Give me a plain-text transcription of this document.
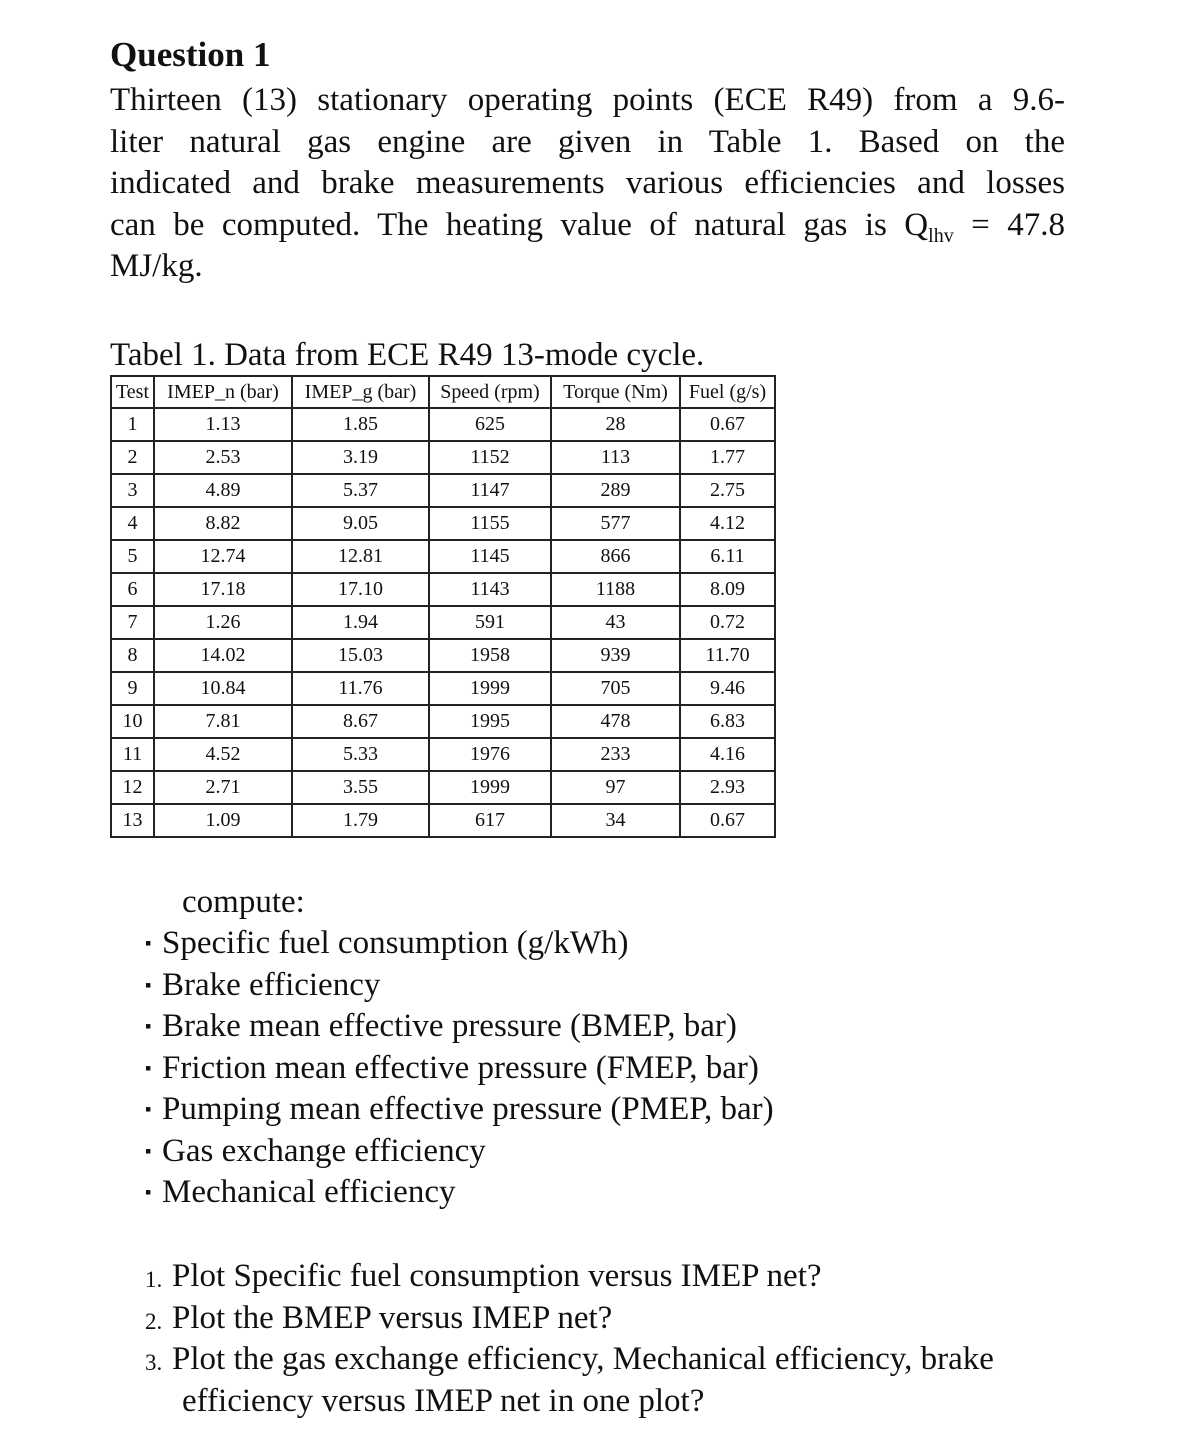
Question 1
Thirteen (13) stationary operating points (ECE R49) from a 9.6-
liter natural gas engine are given in Table 1. Based on the
indicated and brake measurements various efficiencies and losses
can be computed. The heating value of natural gas is $Q_{lhv} = 47.8$
MJ/kg.
Tabel 1. Data from ECE R49 13-mode cycle.
Test	IMEP_n (bar)	IMEP_g (bar)	Speed (rpm)	Torque (Nm)	Fuel (g/s)
1	1.13	1.85	625	28	0.67
2	2.53	3.19	1152	113	1.77
3	4.89	5.37	1147	289	2.75
4	8.82	9.05	1155	577	4.12
5	12.74	12.81	1145	866	6.11
6	17.18	17.10	1143	1188	8.09
7	1.26	1.94	591	43	0.72
8	14.02	15.03	1958	939	11.70
9	10.84	11.76	1999	705	9.46
10	7.81	8.67	1995	478	6.83
11	4.52	5.33	1976	233	4.16
12	2.71	3.55	1999	97	2.93
13	1.09	1.79	617	34	0.67
compute:
▪ Specific fuel consumption (g/kWh)
▪ Brake efficiency
▪ Brake mean effective pressure (BMEP, bar)
▪ Friction mean effective pressure (FMEP, bar)
▪ Pumping mean effective pressure (PMEP, bar)
▪ Gas exchange efficiency
▪ Mechanical efficiency
1. Plot Specific fuel consumption versus IMEP net?
2. Plot the BMEP versus IMEP net?
3. Plot the gas exchange efficiency, Mechanical efficiency, brake
efficiency versus IMEP net in one plot?
